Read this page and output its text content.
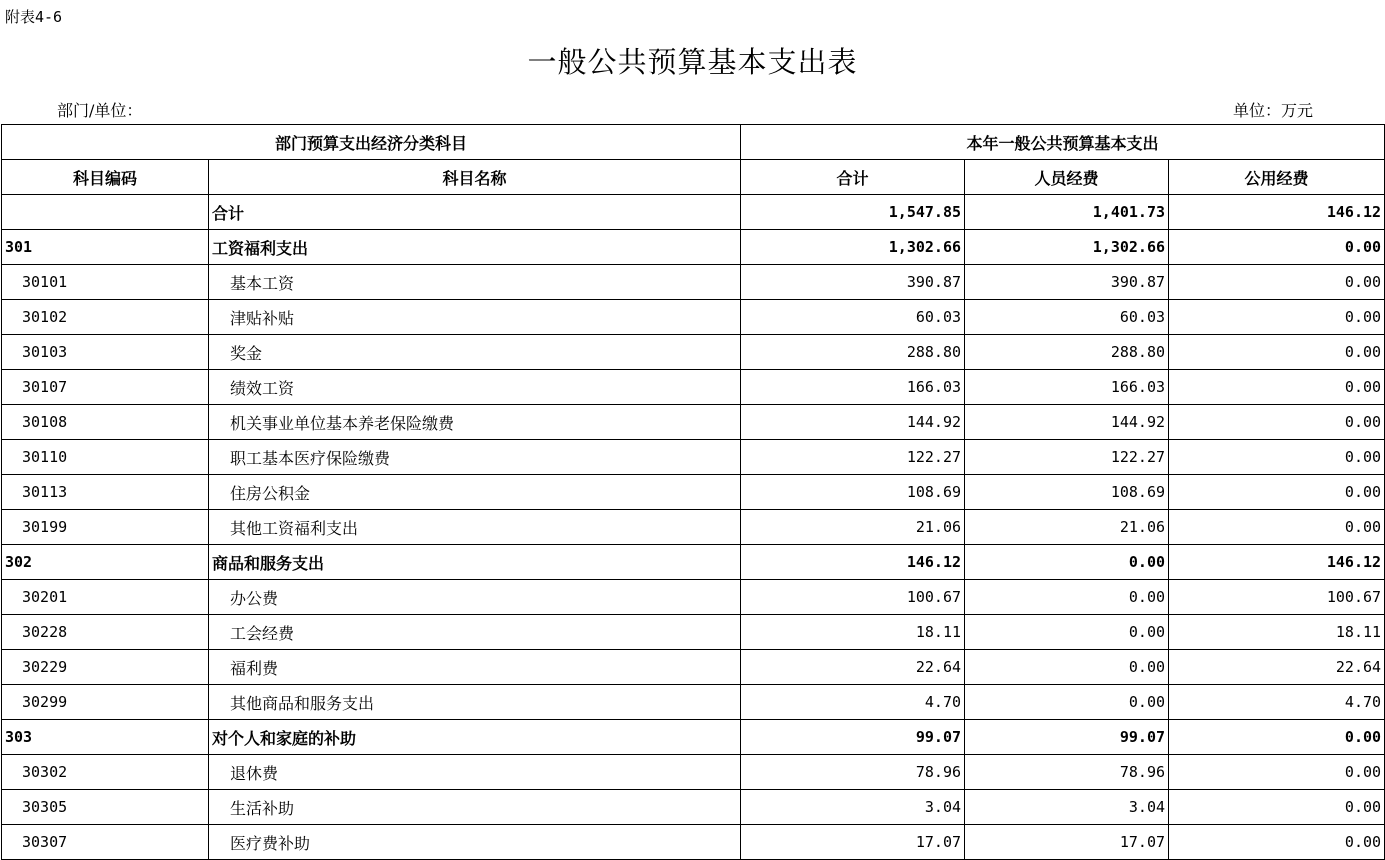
附表4-6
一般公共预算基本支出表
部门/单位：	单位：万元
部门预算支出经济分类科目		本年一般公共预算基本支出		
科目编码	科目名称	合计	人员经费	公用经费
	合计	1,547.85	1,401.73	146.12
301	工资福利支出	1,302.66	1,302.66	0.00
30101	基本工资	390.87	390.87	0.00
30102	津贴补贴	60.03	60.03	0.00
30103	奖金	288.80	288.80	0.00
30107	绩效工资	166.03	166.03	0.00
30108	机关事业单位基本养老保险缴费	144.92	144.92	0.00
30110	职工基本医疗保险缴费	122.27	122.27	0.00
30113	住房公积金	108.69	108.69	0.00
30199	其他工资福利支出	21.06	21.06	0.00
302	商品和服务支出	146.12	0.00	146.12
30201	办公费	100.67	0.00	100.67
30228	工会经费	18.11	0.00	18.11
30229	福利费	22.64	0.00	22.64
30299	其他商品和服务支出	4.70	0.00	4.70
303	对个人和家庭的补助	99.07	99.07	0.00
30302	退休费	78.96	78.96	0.00
30305	生活补助	3.04	3.04	0.00
30307	医疗费补助	17.07	17.07	0.00
